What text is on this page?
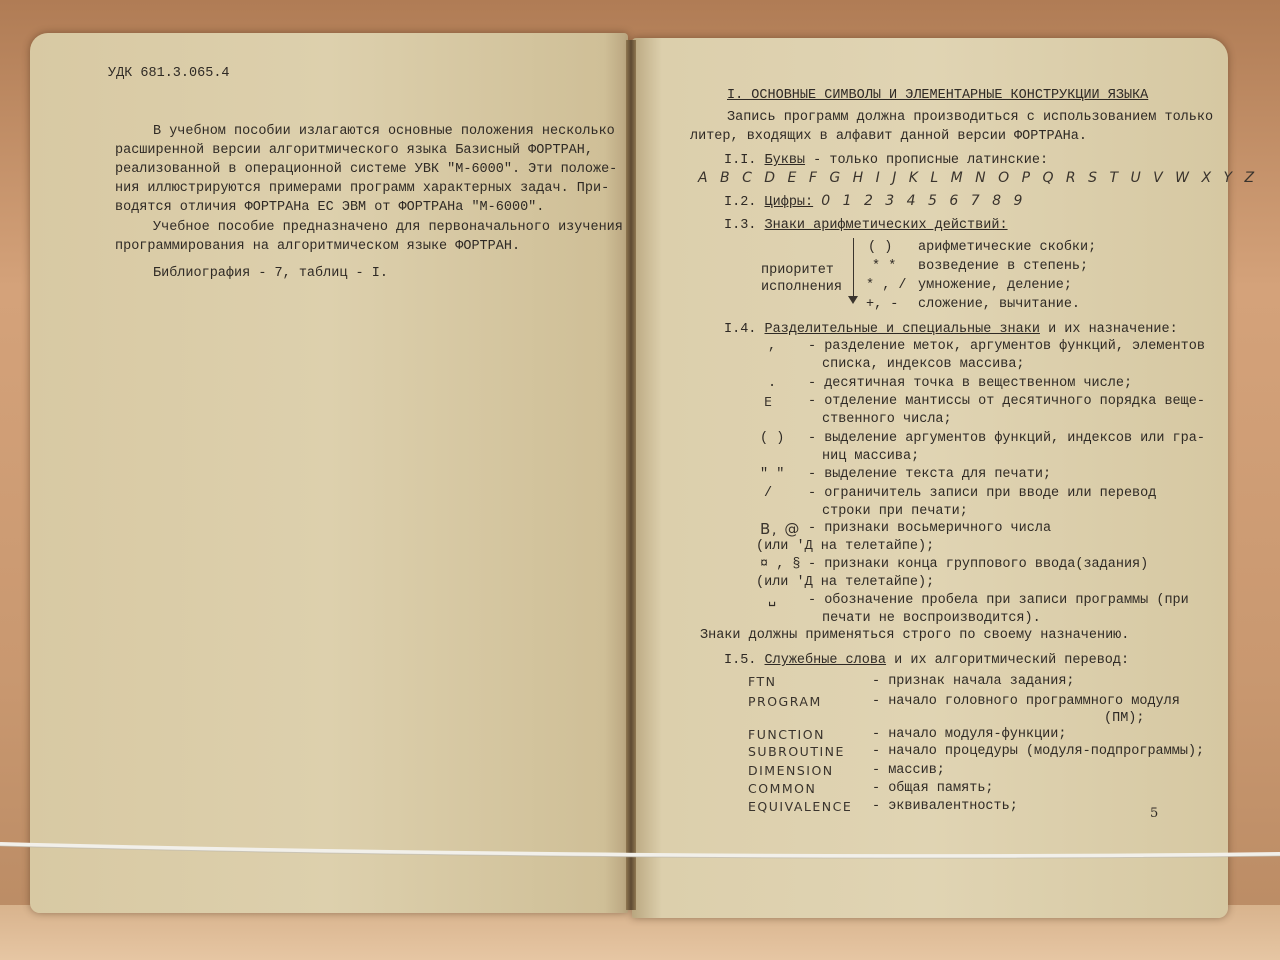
УДК 681.3.065.4
В учебном пособии излагаются основные положения несколько
расширенной версии алгоритмического языка Базисный ФОРТРАН,
реализованной в операционной системе УВК "М-6000". Эти положе-
ния иллюстрируются примерами программ характерных задач. При-
водятся отличия ФОРТРАНа ЕС ЭВМ от ФОРТРАНа "М-6000".
Учебное пособие предназначено для первоначального изучения
программирования на алгоритмическом языке ФОРТРАН.
Библиография - 7, таблиц - I.
I. ОСНОВНЫЕ СИМВОЛЫ И ЭЛЕМЕНТАРНЫЕ КОНСТРУКЦИИ ЯЗЫКА
Запись программ должна производиться с использованием только
литер, входящих в алфавит данной версии ФОРТРАНа.
I.I. Буквы - только прописные латинские:
A B C D E F G H I J K L M N O P Q R S T U V W X Y Z
I.2. Цифры: 0 1 2 3 4 5 6 7 8 9
I.3. Знаки арифметических действий:
приоритет
исполнения
( ) арифметические скобки;
* * возведение в степень;
* , / умножение, деление;
+, - сложение, вычитание.
I.4. Разделительные и специальные знаки и их назначение:
, - разделение меток, аргументов функций, элементов
списка, индексов массива;
. - десятичная точка в вещественном числе;
E	- отделение мантиссы от десятичного порядка веще-
ственного числа;
( ) - выделение аргументов функций, индексов или гра-
ниц массива;
" " - выделение текста для печати;
/	- ограничитель записи при вводе или перевод
строки при печати;
B, @ - признаки восьмеричного числа
(или 'Д на телетайпе);
¤ , § - признаки конца группового ввода(задания)
(или 'Д на телетайпе);
␣ - обозначение пробела при записи программы (при
печати не воспроизводится).
Знаки должны применяться строго по своему назначению.
I.5. Служебные слова и их алгоритмический перевод:
FTN	- признак начала задания;
PROGRAM	- начало головного программного модуля
(ПМ);
FUNCTION	- начало модуля-функции;
SUBROUTINE - начало процедуры (модуля-подпрограммы);
DIMENSION	- массив;
COMMON	- общая память;
EQUIVALENCE - эквивалентность;	5
